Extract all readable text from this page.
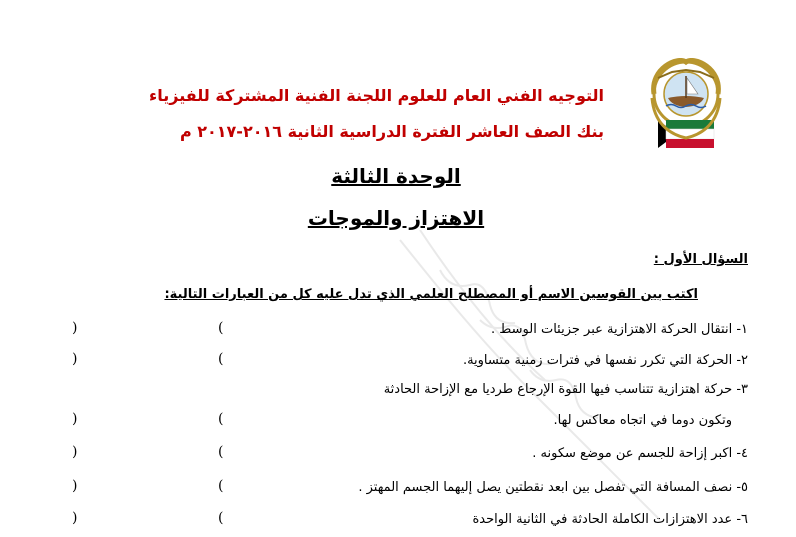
التوجيه الفني العام للعلوم اللجنة الفنية المشتركة للفيزياء
بنك الصف العاشر الفترة الدراسية الثانية ٢٠١٦-٢٠١٧ م
الوحدة الثالثة
الاهتزاز والموجات
السؤال الأول :
اكتب بين القوسين الاسم أو المصطلح العلمي الذي تدل عليه كل من العبارات التالية:
١- انتقال الحركة الاهتزازية عبر جزيئات الوسط .
٢- الحركة التي تكرر نفسها في فترات زمنية متساوية.
٣- حركة اهتزازية تتناسب فيها القوة الإرجاع طرديا مع الإزاحة الحادثة
وتكون دوما في اتجاه معاكس لها.
٤- اكبر إزاحة للجسم عن موضع سكونه .
٥- نصف المسافة التي تفصل بين ابعد نقطتين يصل إليهما الجسم المهتز .
٦- عدد الاهتزازات الكاملة الحادثة في الثانية الواحدة
(
)
(
)
(
)
(
)
(
)
(
)
